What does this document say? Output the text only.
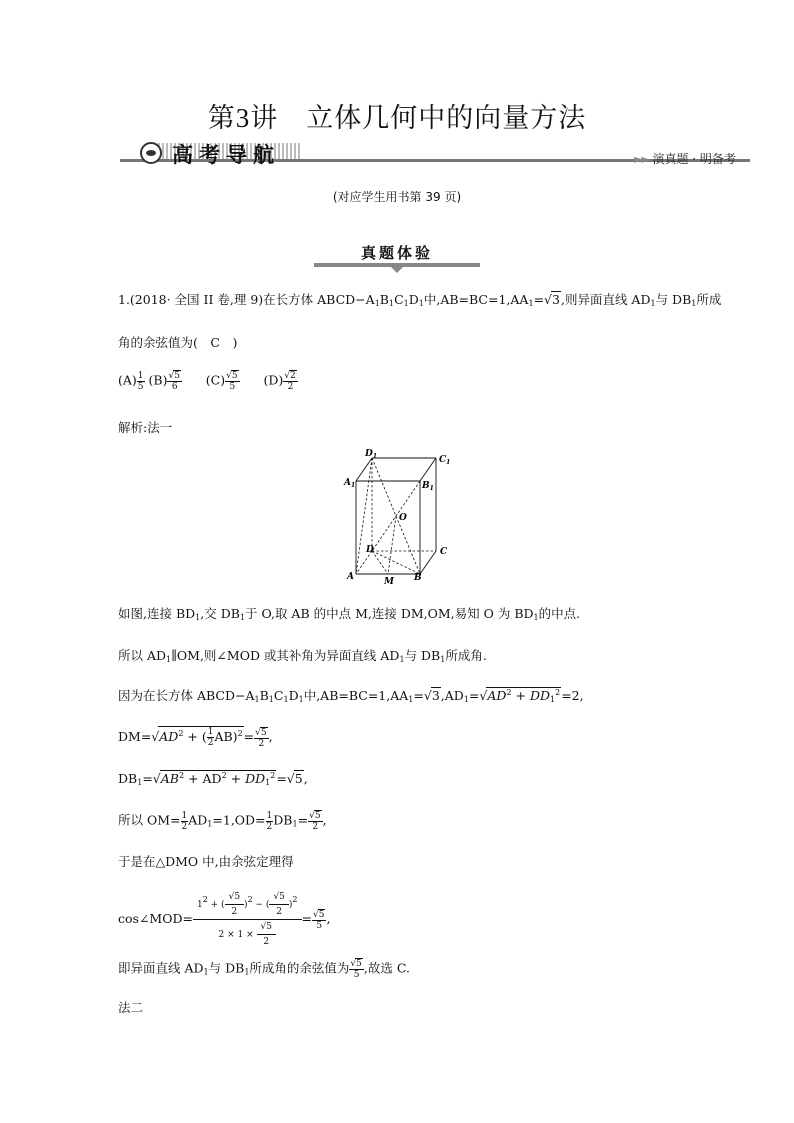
第3讲　立体几何中的向量方法
高考导航	►► 演真题 · 明备考
(对应学生用书第 39 页)
真题体验
1.(2018· 全国 II 卷,理 9)在长方体 $ABCD-A_1B_1C_1D_1$中$,AB=BC=1,AA_1=√3$,则异面直线 $AD_1$与 $DB_1$所成
角的余弦值为(　C　)
$(A) \frac{1}{5} (B) \frac{√5}{6} (C) \frac{√5}{5} (D) \frac{√2}{2}$
解析:法一
$D_1$	$C_1$
$A_1$	$B_1$
O
D	C
A	M B
如图,连接 $BD_1$,交 $DB_1$于 O,取 AB 的中点 M,连接 DM,OM,易知 O 为 $BD_1$的中点.
所以 $AD_1\parallel OM$,则∠MOD 或其补角为异面直线 $AD_1$与 $DB_1$所成角.
因为在长方体 $ABCD-A_1B_1C_1D_1$中$,AB=BC=1,AA_1=√3,AD_1=√AD^2 + DD_1^2=2$,
$DM=√AD^2$ + ( $\frac{1}{2} AB)^2= \frac{√5}{2}$ ,
$DB_1=√AB^2 + AD^2 + DD_1^2=√5$,
所以 $OM= \frac{1}{2} AD_1=1,OD= \frac{1}{2} DB_1= \frac{√5}{2}$ ,
于是在△DMO 中,由余弦定理得
cos∠MOD= $\frac{12 + ( \frac{√5}{2} )2 - ( \frac{√5}{2} )2}{2 \times 1 \times \frac{√5}{2}} = \frac{√5}{5}$ ,
即异面直线 $AD_1$与 $DB_1$所成角的余弦值为 $\frac{√5}{5}$ ,故选 C.
法二
